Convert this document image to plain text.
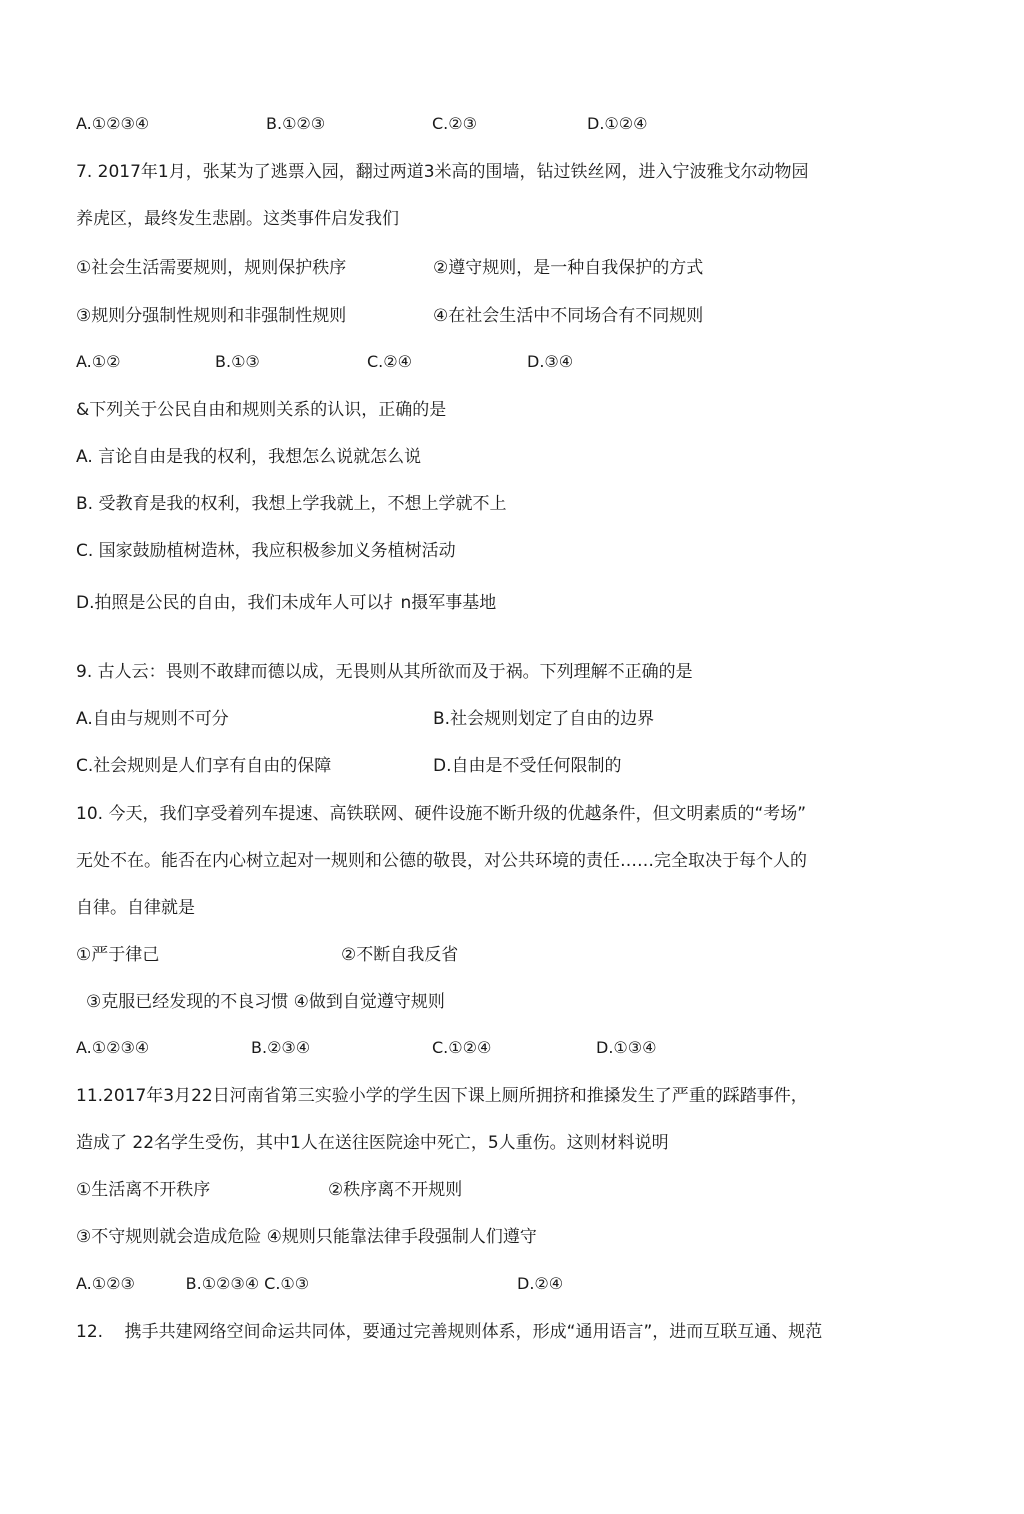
A.①②③④	B.①②③	C.②③	D.①②④
7. 2017年1月，张某为了逃票入园，翻过两道3米高的围墙，钻过铁丝网，进入宁波雅戈尔动物园
养虎区，最终发生悲剧。这类事件启发我们
①社会生活需要规则，规则保护秩序	②遵守规则，是一种自我保护的方式
③规则分强制性规则和非强制性规则	④在社会生活中不同场合有不同规则
A.①②	B.①③	C.②④	D.③④
&下列关于公民自由和规则关系的认识，正确的是
A. 言论自由是我的权利，我想怎么说就怎么说
B. 受教育是我的权利，我想上学我就上，不想上学就不上
C. 国家鼓励植树造林，我应积极参加义务植树活动
D.拍照是公民的自由，我们未成年人可以扌n摄军事基地
9. 古人云：畏则不敢肆而德以成，无畏则从其所欲而及于祸。下列理解不正确的是
A.自由与规则不可分	B.社会规则划定了自由的边界
C.社会规则是人们享有自由的保障	D.自由是不受任何限制的
10. 今天，我们享受着列车提速、高铁联网、硬件设施不断升级的优越条件，但文明素质的“考场”
无处不在。能否在内心树立起对一规则和公德的敬畏，对公共环境的责任……完全取决于每个人的
自律。自律就是
①严于律己	②不断自我反省
③克服已经发现的不良习惯 ④做到自觉遵守规则
A.①②③④	B.②③④	C.①②④	D.①③④
11.2017年3月22日河南省第三实验小学的学生因下课上厕所拥挤和推搡发生了严重的踩踏事件，
造成了 22名学生受伤，其中1人在送往医院途中死亡，5人重伤。这则材料说明
①生活离不开秩序	②秩序离不开规则
③不守规则就会造成危险 ④规则只能靠法律手段强制人们遵守
A.①②③          B.①②③④ C.①③	D.②④
12.    携手共建网络空间命运共同体，要通过完善规则体系，形成“通用语言”，进而互联互通、规范
